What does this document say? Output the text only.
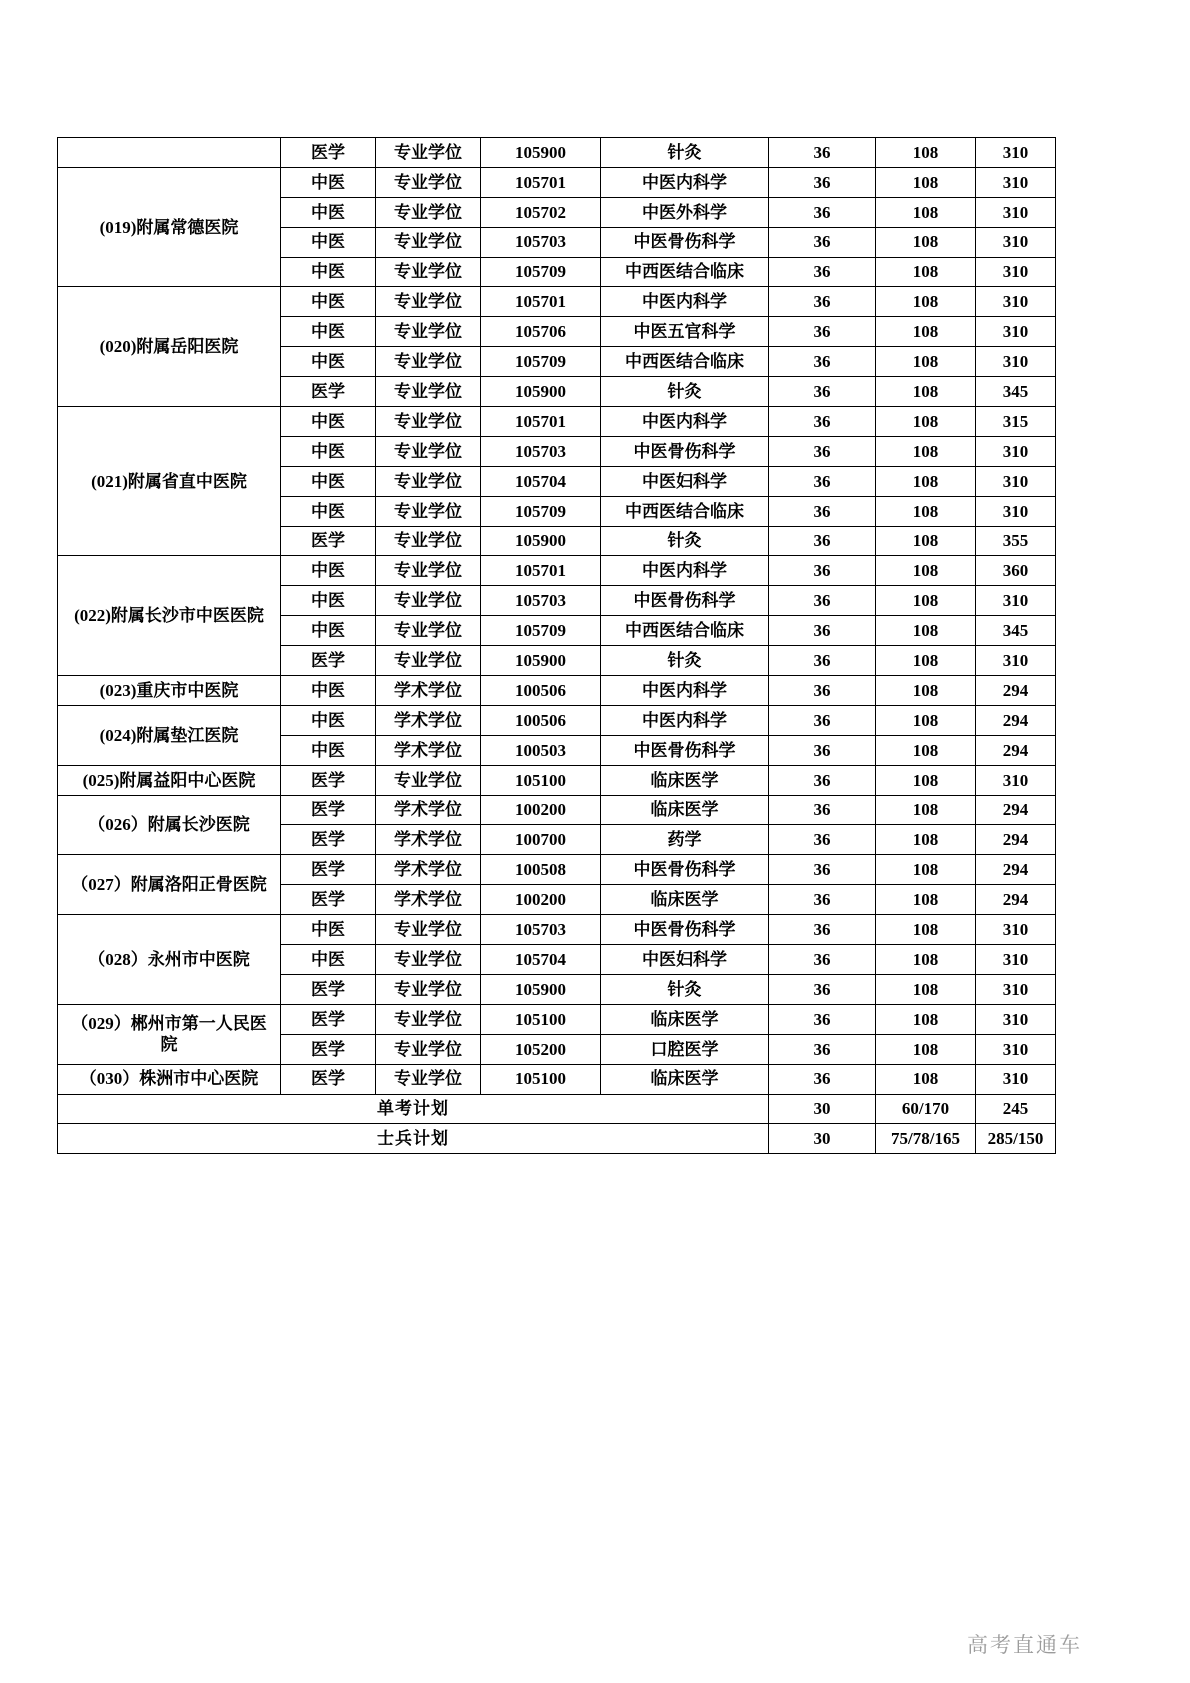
	医学	专业学位	105900	针灸	36	108	310
(019)附属常德医院	中医	专业学位	105701	中医内科学	36	108	310
	中医	专业学位	105702	中医外科学	36	108	310
	中医	专业学位	105703	中医骨伤科学	36	108	310
	中医	专业学位	105709	中西医结合临床	36	108	310
(020)附属岳阳医院	中医	专业学位	105701	中医内科学	36	108	310
	中医	专业学位	105706	中医五官科学	36	108	310
	中医	专业学位	105709	中西医结合临床	36	108	310
	医学	专业学位	105900	针灸	36	108	345
(021)附属省直中医院	中医	专业学位	105701	中医内科学	36	108	315
	中医	专业学位	105703	中医骨伤科学	36	108	310
	中医	专业学位	105704	中医妇科学	36	108	310
	中医	专业学位	105709	中西医结合临床	36	108	310
	医学	专业学位	105900	针灸	36	108	355
(022)附属长沙市中医医院	中医	专业学位	105701	中医内科学	36	108	360
	中医	专业学位	105703	中医骨伤科学	36	108	310
	中医	专业学位	105709	中西医结合临床	36	108	345
	医学	专业学位	105900	针灸	36	108	310
(023)重庆市中医院	中医	学术学位	100506	中医内科学	36	108	294
(024)附属垫江医院	中医	学术学位	100506	中医内科学	36	108	294
	中医	学术学位	100503	中医骨伤科学	36	108	294
(025)附属益阳中心医院	医学	专业学位	105100	临床医学	36	108	310
（026）附属长沙医院	医学	学术学位	100200	临床医学	36	108	294
	医学	学术学位	100700	药学	36	108	294
（027）附属洛阳正骨医院	医学	学术学位	100508	中医骨伤科学	36	108	294
	医学	学术学位	100200	临床医学	36	108	294
（028）永州市中医院	中医	专业学位	105703	中医骨伤科学	36	108	310
	中医	专业学位	105704	中医妇科学	36	108	310
	医学	专业学位	105900	针灸	36	108	310
（029）郴州市第一人民医院	医学	专业学位	105100	临床医学	36	108	310
	医学	专业学位	105200	口腔医学	36	108	310
（030）株洲市中心医院	医学	专业学位	105100	临床医学	36	108	310
单考计划					30	60/170	245
士兵计划					30	75/78/165	285/150
高考直通车
